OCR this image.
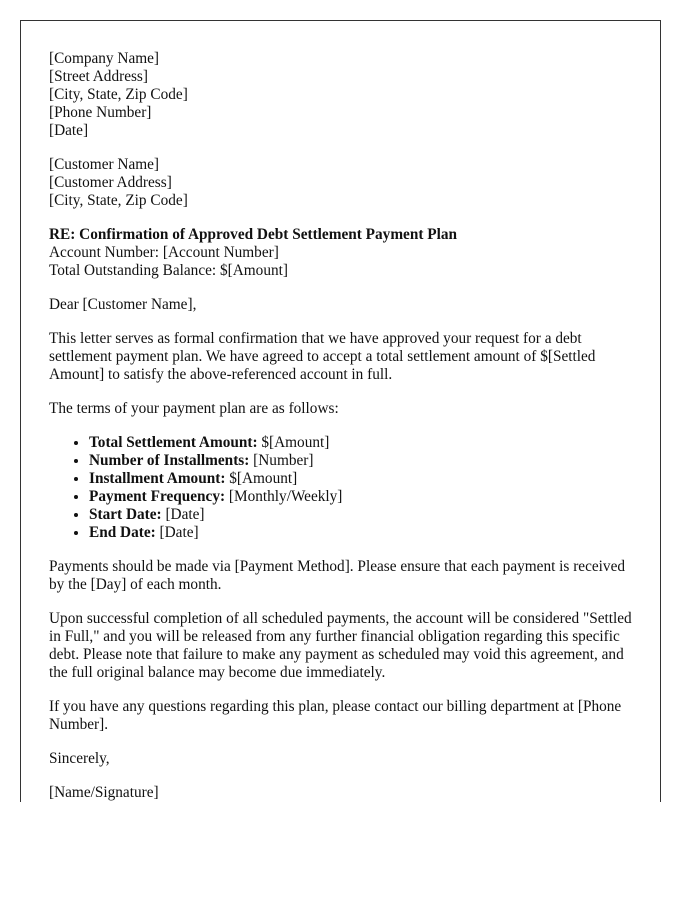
[Company Name]
[Street Address]
[City, State, Zip Code]
[Phone Number]
[Date]

[Customer Name]
[Customer Address]
[City, State, Zip Code]

RE: Confirmation of Approved Debt Settlement Payment Plan
Account Number: [Account Number]
Total Outstanding Balance: $[Amount]

Dear [Customer Name],

This letter serves as formal confirmation that we have approved your request for a debt settlement payment plan. We have agreed to accept a total settlement amount of $[Settled Amount] to satisfy the above-referenced account in full.

The terms of your payment plan are as follows:

• Total Settlement Amount: $[Amount]
• Number of Installments: [Number]
• Installment Amount: $[Amount]
• Payment Frequency: [Monthly/Weekly]
• Start Date: [Date]
• End Date: [Date]

Payments should be made via [Payment Method]. Please ensure that each payment is received by the [Day] of each month.

Upon successful completion of all scheduled payments, the account will be considered "Settled in Full," and you will be released from any further financial obligation regarding this specific debt. Please note that failure to make any payment as scheduled may void this agreement, and the full original balance may become due immediately.

If you have any questions regarding this plan, please contact our billing department at [Phone Number].

Sincerely,

[Name/Signature]
